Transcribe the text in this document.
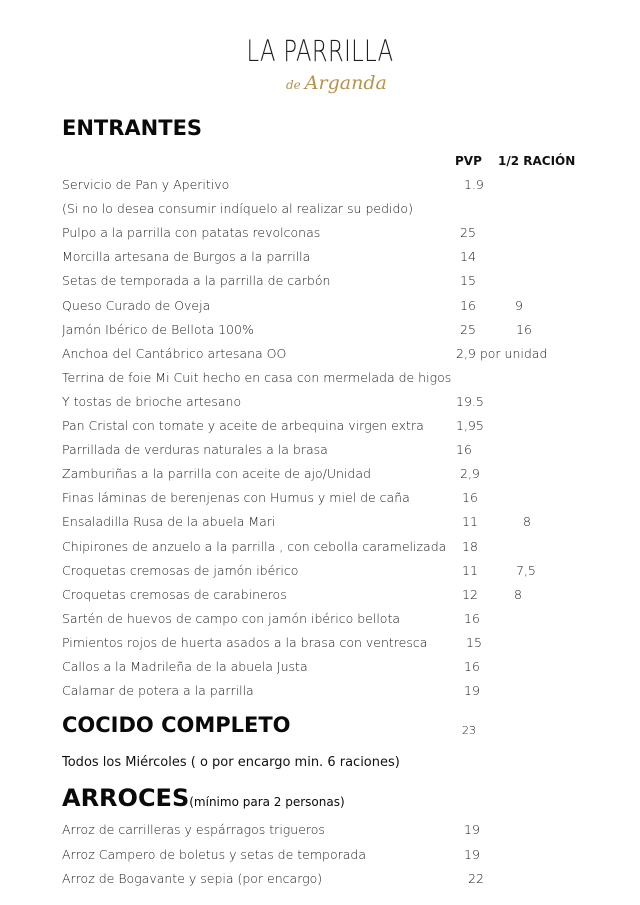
LA PARRILLA
de Arganda
ENTRANTES
PVP 1/2 RACIÓN
Servicio de Pan y Aperitivo	1.9
(Si no lo desea consumir indíquelo al realizar su pedido)
Pulpo a la parrilla con patatas revolconas	25
Morcilla artesana de Burgos a la parrilla	14
Setas de temporada a la parrilla de carbón	15
Queso Curado de Oveja	16	9
Jamón Ibérico de Bellota 100%	25	16
Anchoa del Cantábrico artesana OO	2,9 por unidad
Terrina de foie Mi Cuit hecho en casa con mermelada de higos
Y tostas de brioche artesano	19.5
Pan Cristal con tomate y aceite de arbequina virgen extra	1,95
Parrillada de verduras naturales a la brasa	16
Zamburiñas a la parrilla con aceite de ajo/Unidad	2,9
Finas láminas de berenjenas con Humus y miel de caña	16
Ensaladilla Rusa de la abuela Mari	11	8
Chipirones de anzuelo a la parrilla , con cebolla caramelizada 18
Croquetas cremosas de jamón ibérico	11	7,5
Croquetas cremosas de carabineros	12	8
Sartén de huevos de campo con jamón ibérico bellota	16
Pimientos rojos de huerta asados a la brasa con ventresca	15
Callos a la Madrileña de la abuela Justa	16
Calamar de potera a la parrilla	19
COCIDO COMPLETO	23
Todos los Miércoles ( o por encargo min. 6 raciones)
ARROCES(mínimo para 2 personas)
Arroz de carrilleras y espárragos trigueros	19
Arroz Campero de boletus y setas de temporada	19
Arroz de Bogavante y sepia (por encargo)	22
